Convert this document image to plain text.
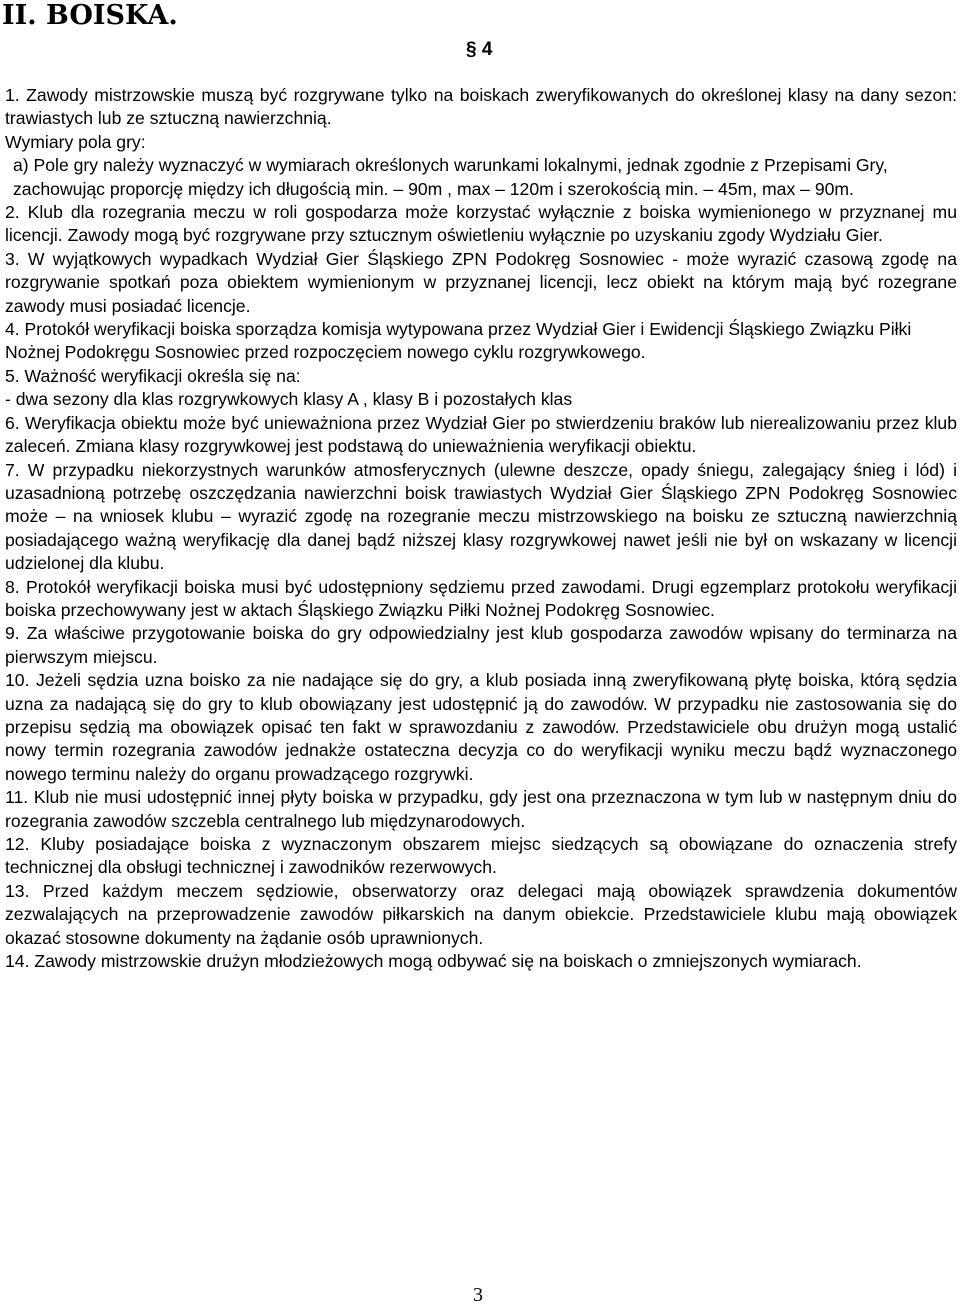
II. BOISKA.
§ 4

1. Zawody mistrzowskie muszą być rozgrywane tylko na boiskach zweryfikowanych do określonej klasy na dany sezon: trawiastych lub ze sztuczną nawierzchnią.

Wymiary pola gry:

a) Pole gry należy wyznaczyć w wymiarach określonych warunkami lokalnymi, jednak zgodnie z Przepisami Gry, zachowując proporcję między ich długością min. – 90m , max – 120m i szerokością min. – 45m, max – 90m.

2. Klub dla rozegrania meczu w roli gospodarza może korzystać wyłącznie z boiska wymienionego w przyznanej mu licencji. Zawody mogą być rozgrywane przy sztucznym oświetleniu wyłącznie po uzyskaniu zgody Wydziału Gier.

3. W wyjątkowych wypadkach Wydział Gier Śląskiego ZPN Podokręg Sosnowiec - może wyrazić czasową zgodę na rozgrywanie spotkań poza obiektem wymienionym w przyznanej licencji, lecz obiekt na którym mają być rozegrane zawody musi posiadać licencje.

4. Protokół weryfikacji boiska sporządza komisja wytypowana przez Wydział Gier i Ewidencji Śląskiego Związku Piłki Nożnej Podokręgu Sosnowiec przed rozpoczęciem nowego cyklu rozgrywkowego.

5. Ważność weryfikacji określa się na:

- dwa sezony dla klas rozgrywkowych klasy A , klasy B i pozostałych klas

6. Weryfikacja obiektu może być unieważniona przez Wydział Gier po stwierdzeniu braków lub nierealizowaniu przez klub zaleceń. Zmiana klasy rozgrywkowej jest podstawą do unieważnienia weryfikacji obiektu.

7. W przypadku niekorzystnych warunków atmosferycznych (ulewne deszcze, opady śniegu, zalegający śnieg i lód) i uzasadnioną potrzebę oszczędzania nawierzchni boisk trawiastych Wydział Gier Śląskiego ZPN Podokręg Sosnowiec może – na wniosek klubu – wyrazić zgodę na rozegranie meczu mistrzowskiego na boisku ze sztuczną nawierzchnią posiadającego ważną weryfikację dla danej bądź niższej klasy rozgrywkowej nawet jeśli nie był on wskazany w licencji udzielonej dla klubu.

8. Protokół weryfikacji boiska musi być udostępniony sędziemu przed zawodami. Drugi egzemplarz protokołu weryfikacji boiska przechowywany jest w aktach Śląskiego Związku Piłki Nożnej Podokręg Sosnowiec.

9. Za właściwe przygotowanie boiska do gry odpowiedzialny jest klub gospodarza zawodów wpisany do terminarza na pierwszym miejscu.

10. Jeżeli sędzia uzna boisko za nie nadające się do gry, a klub posiada inną zweryfikowaną płytę boiska, którą sędzia uzna za nadającą się do gry to klub obowiązany jest udostępnić ją do zawodów. W przypadku nie zastosowania się do przepisu sędzią ma obowiązek opisać ten fakt w sprawozdaniu z zawodów. Przedstawiciele obu drużyn mogą ustalić nowy termin rozegrania zawodów jednakże ostateczna decyzja co do weryfikacji wyniku meczu bądź wyznaczonego nowego terminu należy do organu prowadzącego rozgrywki.

11. Klub nie musi udostępnić innej płyty boiska w przypadku, gdy jest ona przeznaczona w tym lub w następnym dniu do rozegrania zawodów szczebla centralnego lub międzynarodowych.

12. Kluby posiadające boiska z wyznaczonym obszarem miejsc siedzących są obowiązane do oznaczenia strefy technicznej dla obsługi technicznej i zawodników rezerwowych.

13. Przed każdym meczem sędziowie, obserwatorzy oraz delegaci mają obowiązek sprawdzenia dokumentów zezwalających na przeprowadzenie zawodów piłkarskich na danym obiekcie. Przedstawiciele klubu mają obowiązek okazać stosowne dokumenty na żądanie osób uprawnionych.

14. Zawody mistrzowskie drużyn młodzieżowych mogą odbywać się na boiskach o zmniejszonych wymiarach.

3
